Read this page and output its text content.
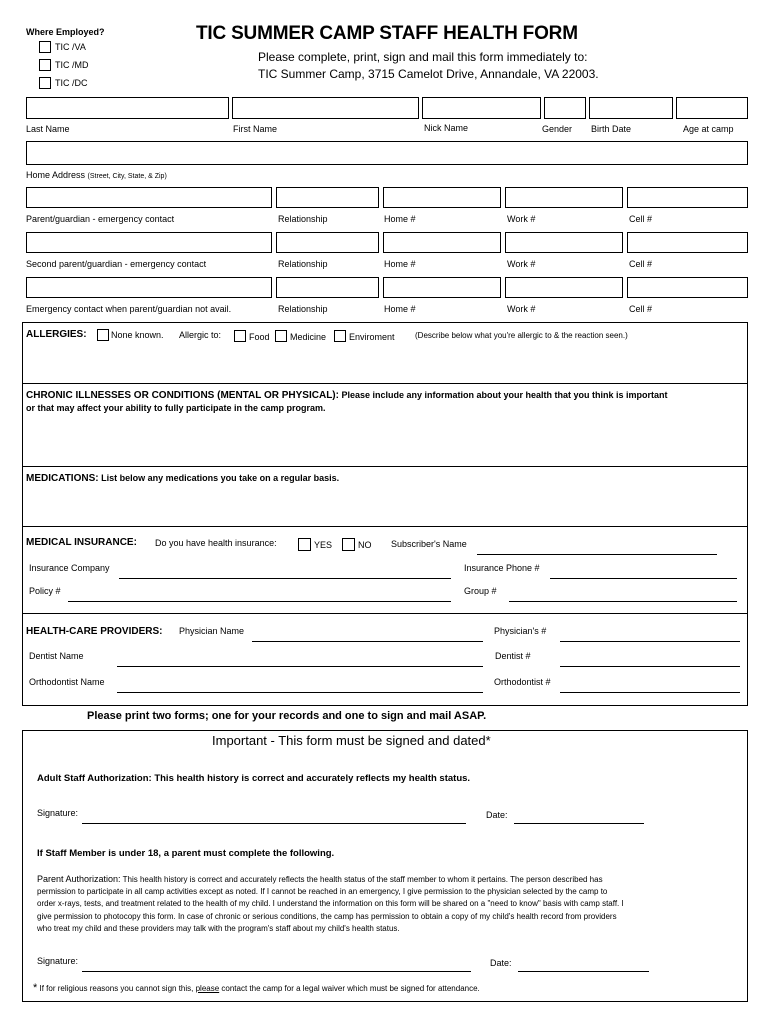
Where Employed?
TIC /VA
TIC /MD
TIC /DC
TIC SUMMER CAMP STAFF HEALTH FORM
Please complete, print, sign and mail this form immediately to:
TIC Summer Camp, 3715 Camelot Drive, Annandale, VA 22003.
Last Name	First Name	Nick Name	Gender Birth Date	Age at camp
Home Address (Street, City, State, & Zip)
Parent/guardian - emergency contact	Relationship	Home #	Work #	Cell #
Second parent/guardian - emergency contact	Relationship	Home #	Work #	Cell #
Emergency contact when parent/guardian not avail.	Relationship	Home #	Work #	Cell #
ALLERGIES:	None known. Allergic to:	Food Medicine	Enviroment	(Describe below what you're allergic to & the reaction seen.)
CHRONIC ILLNESSES OR CONDITIONS (MENTAL OR PHYSICAL): Please include any information about your health that you think is important
or that may affect your ability to fully participate in the camp program.
MEDICATIONS: List below any medications you take on a regular basis.
MEDICAL INSURANCE: Do you have health insurance:	YES	NO Subscriber's Name
Insurance Company	Insurance Phone #
Policy #	Group #
HEALTH-CARE PROVIDERS: Physician Name	Physician's #
Dentist Name	Dentist #
Orthodontist Name	Orthodontist #
Please print two forms; one for your records and one to sign and mail ASAP.
Important - This form must be signed and dated*
Adult Staff Authorization: This health history is correct and accurately reflects my health status.
Signature:	Date:
If Staff Member is under 18, a parent must complete the following.
Parent Authorization: This health history is correct and accurately reflects the health status of the staff member to whom it pertains. The person described has
permission to participate in all camp activities except as noted. If I cannot be reached in an emergency, I give permission to the physician selected by the camp to
order x-rays, tests, and treatment related to the health of my child. I understand the information on this form will be shared on a "need to know" basis with camp staff. I
give permission to photocopy this form. In case of chronic or serious conditions, the camp has permission to obtain a copy of my child's health record from providers
who treat my child and these providers may talk with the program's staff about my child's health status.
Signature:	Date:
* If for religious reasons you cannot sign this, please contact the camp for a legal waiver which must be signed for attendance.
